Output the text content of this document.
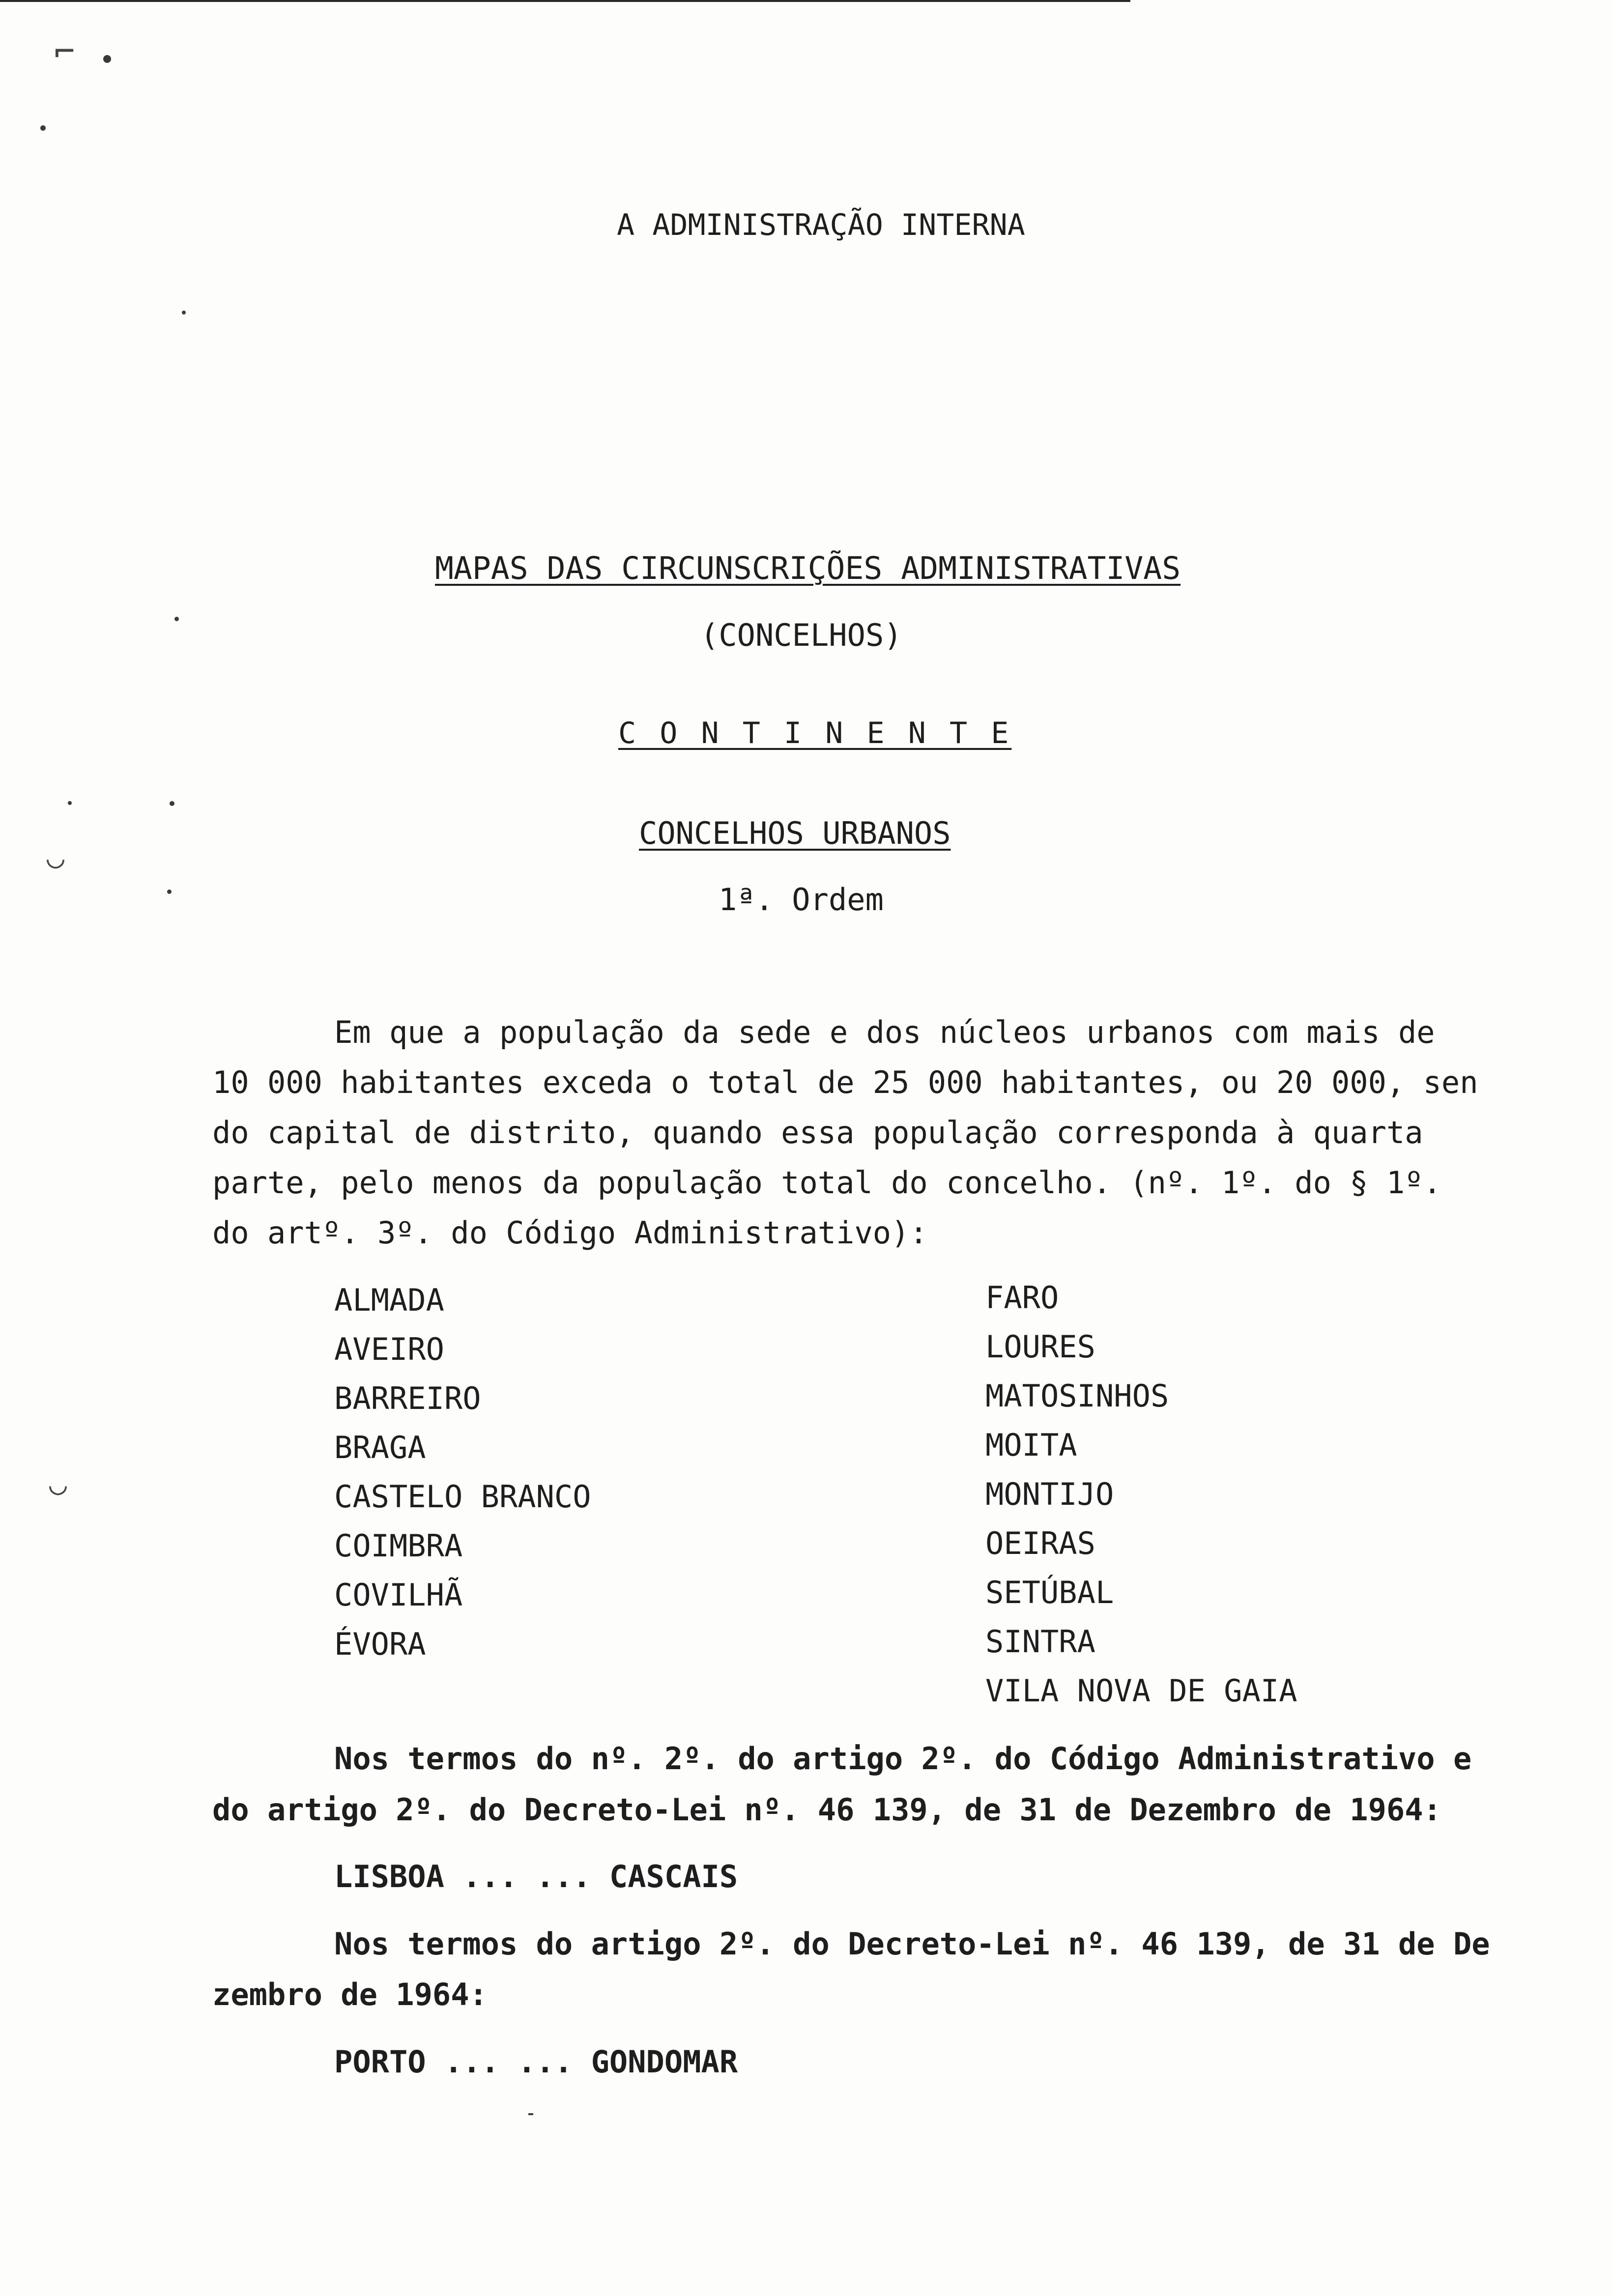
⌐
◡
◡
A ADMINISTRAÇÃO INTERNA
MAPAS DAS CIRCUNSCRIÇÕES ADMINISTRATIVAS
(CONCELHOS)
C O N T I N E N T E
CONCELHOS URBANOS
1ª. Ordem
Em que a população da sede e dos núcleos urbanos com mais de
10 000 habitantes exceda o total de 25 000 habitantes, ou 20 000, sen
do capital de distrito, quando essa população corresponda à quarta
parte, pelo menos da população total do concelho. (nº. 1º. do § 1º.
do artº. 3º. do Código Administrativo):
ALMADA
AVEIRO
BARREIRO
BRAGA
CASTELO BRANCO
COIMBRA
COVILHÃ
ÉVORA
FARO
LOURES
MATOSINHOS
MOITA
MONTIJO
OEIRAS
SETÚBAL
SINTRA
VILA NOVA DE GAIA
Nos termos do nº. 2º. do artigo 2º. do Código Administrativo e
do artigo 2º. do Decreto-Lei nº. 46 139, de 31 de Dezembro de 1964:
LISBOA ... ... CASCAIS
Nos termos do artigo 2º. do Decreto-Lei nº. 46 139, de 31 de De
zembro de 1964:
PORTO ... ... GONDOMAR
